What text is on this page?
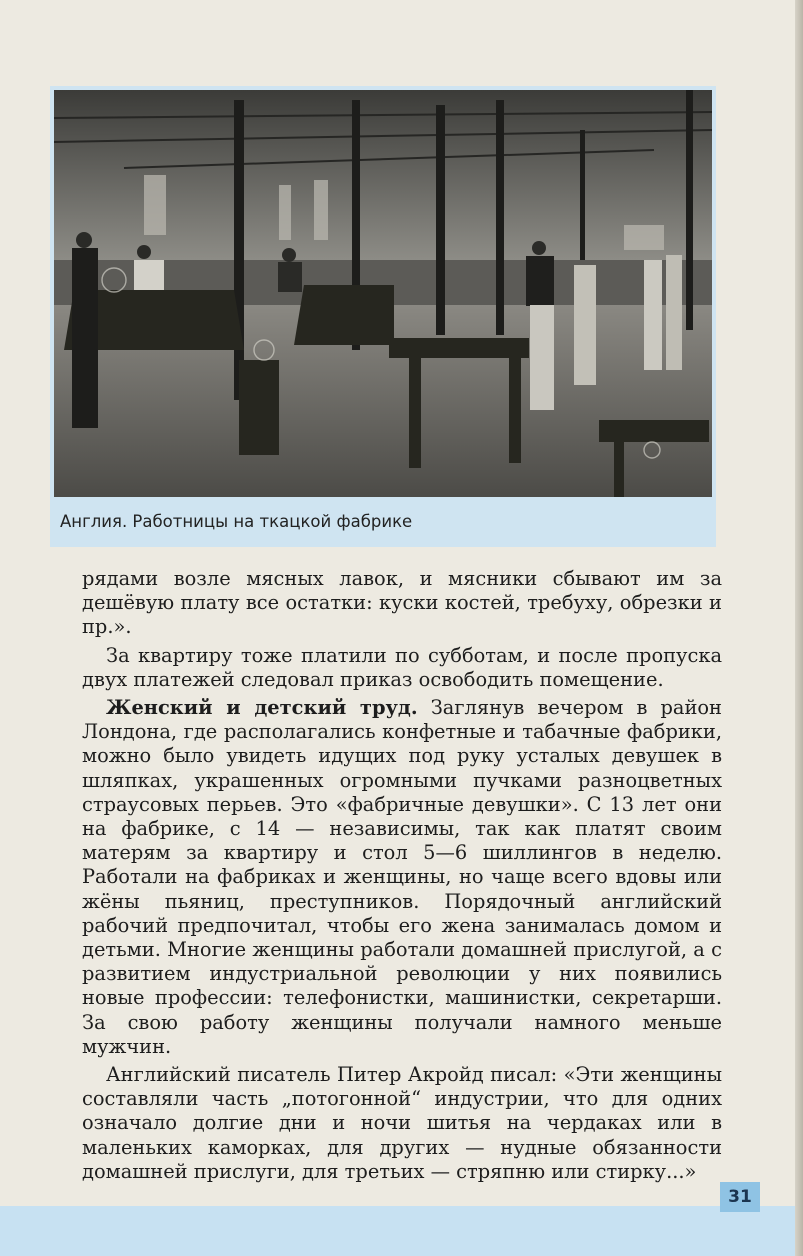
Англия. Работницы на ткацкой фабрике

рядами возле мясных лавок, и мясники сбывают им за дешёвую плату все остатки: куски костей, требуху, обрезки и пр.».

За квартиру тоже платили по субботам, и после пропуска двух платежей следовал приказ освободить помещение.

Женский и детский труд. Заглянув вечером в район Лондона, где располагались конфетные и табачные фабрики, можно было увидеть идущих под руку усталых девушек в шляпках, украшенных огромными пучками разноцветных страусовых перьев. Это «фабричные девушки». С 13 лет они на фабрике, с 14 — независимы, так как платят своим матерям за квартиру и стол 5—6 шиллингов в неделю. Работали на фабриках и женщины, но чаще всего вдовы или жёны пьяниц, преступников. Порядочный английский рабочий предпочитал, чтобы его жена занималась домом и детьми. Многие женщины работали домашней прислугой, а с развитием индустриальной революции у них появились новые профессии: телефонистки, машинистки, секретарши. За свою работу женщины получали намного меньше мужчин.

Английский писатель Питер Акройд писал: «Эти женщины составляли часть „потогонной“ индустрии, что для одних означало долгие дни и ночи шитья на чердаках или в маленьких каморках, для других — нудные обязанности домашней прислуги, для третьих — стряпню или стирку...»

31
